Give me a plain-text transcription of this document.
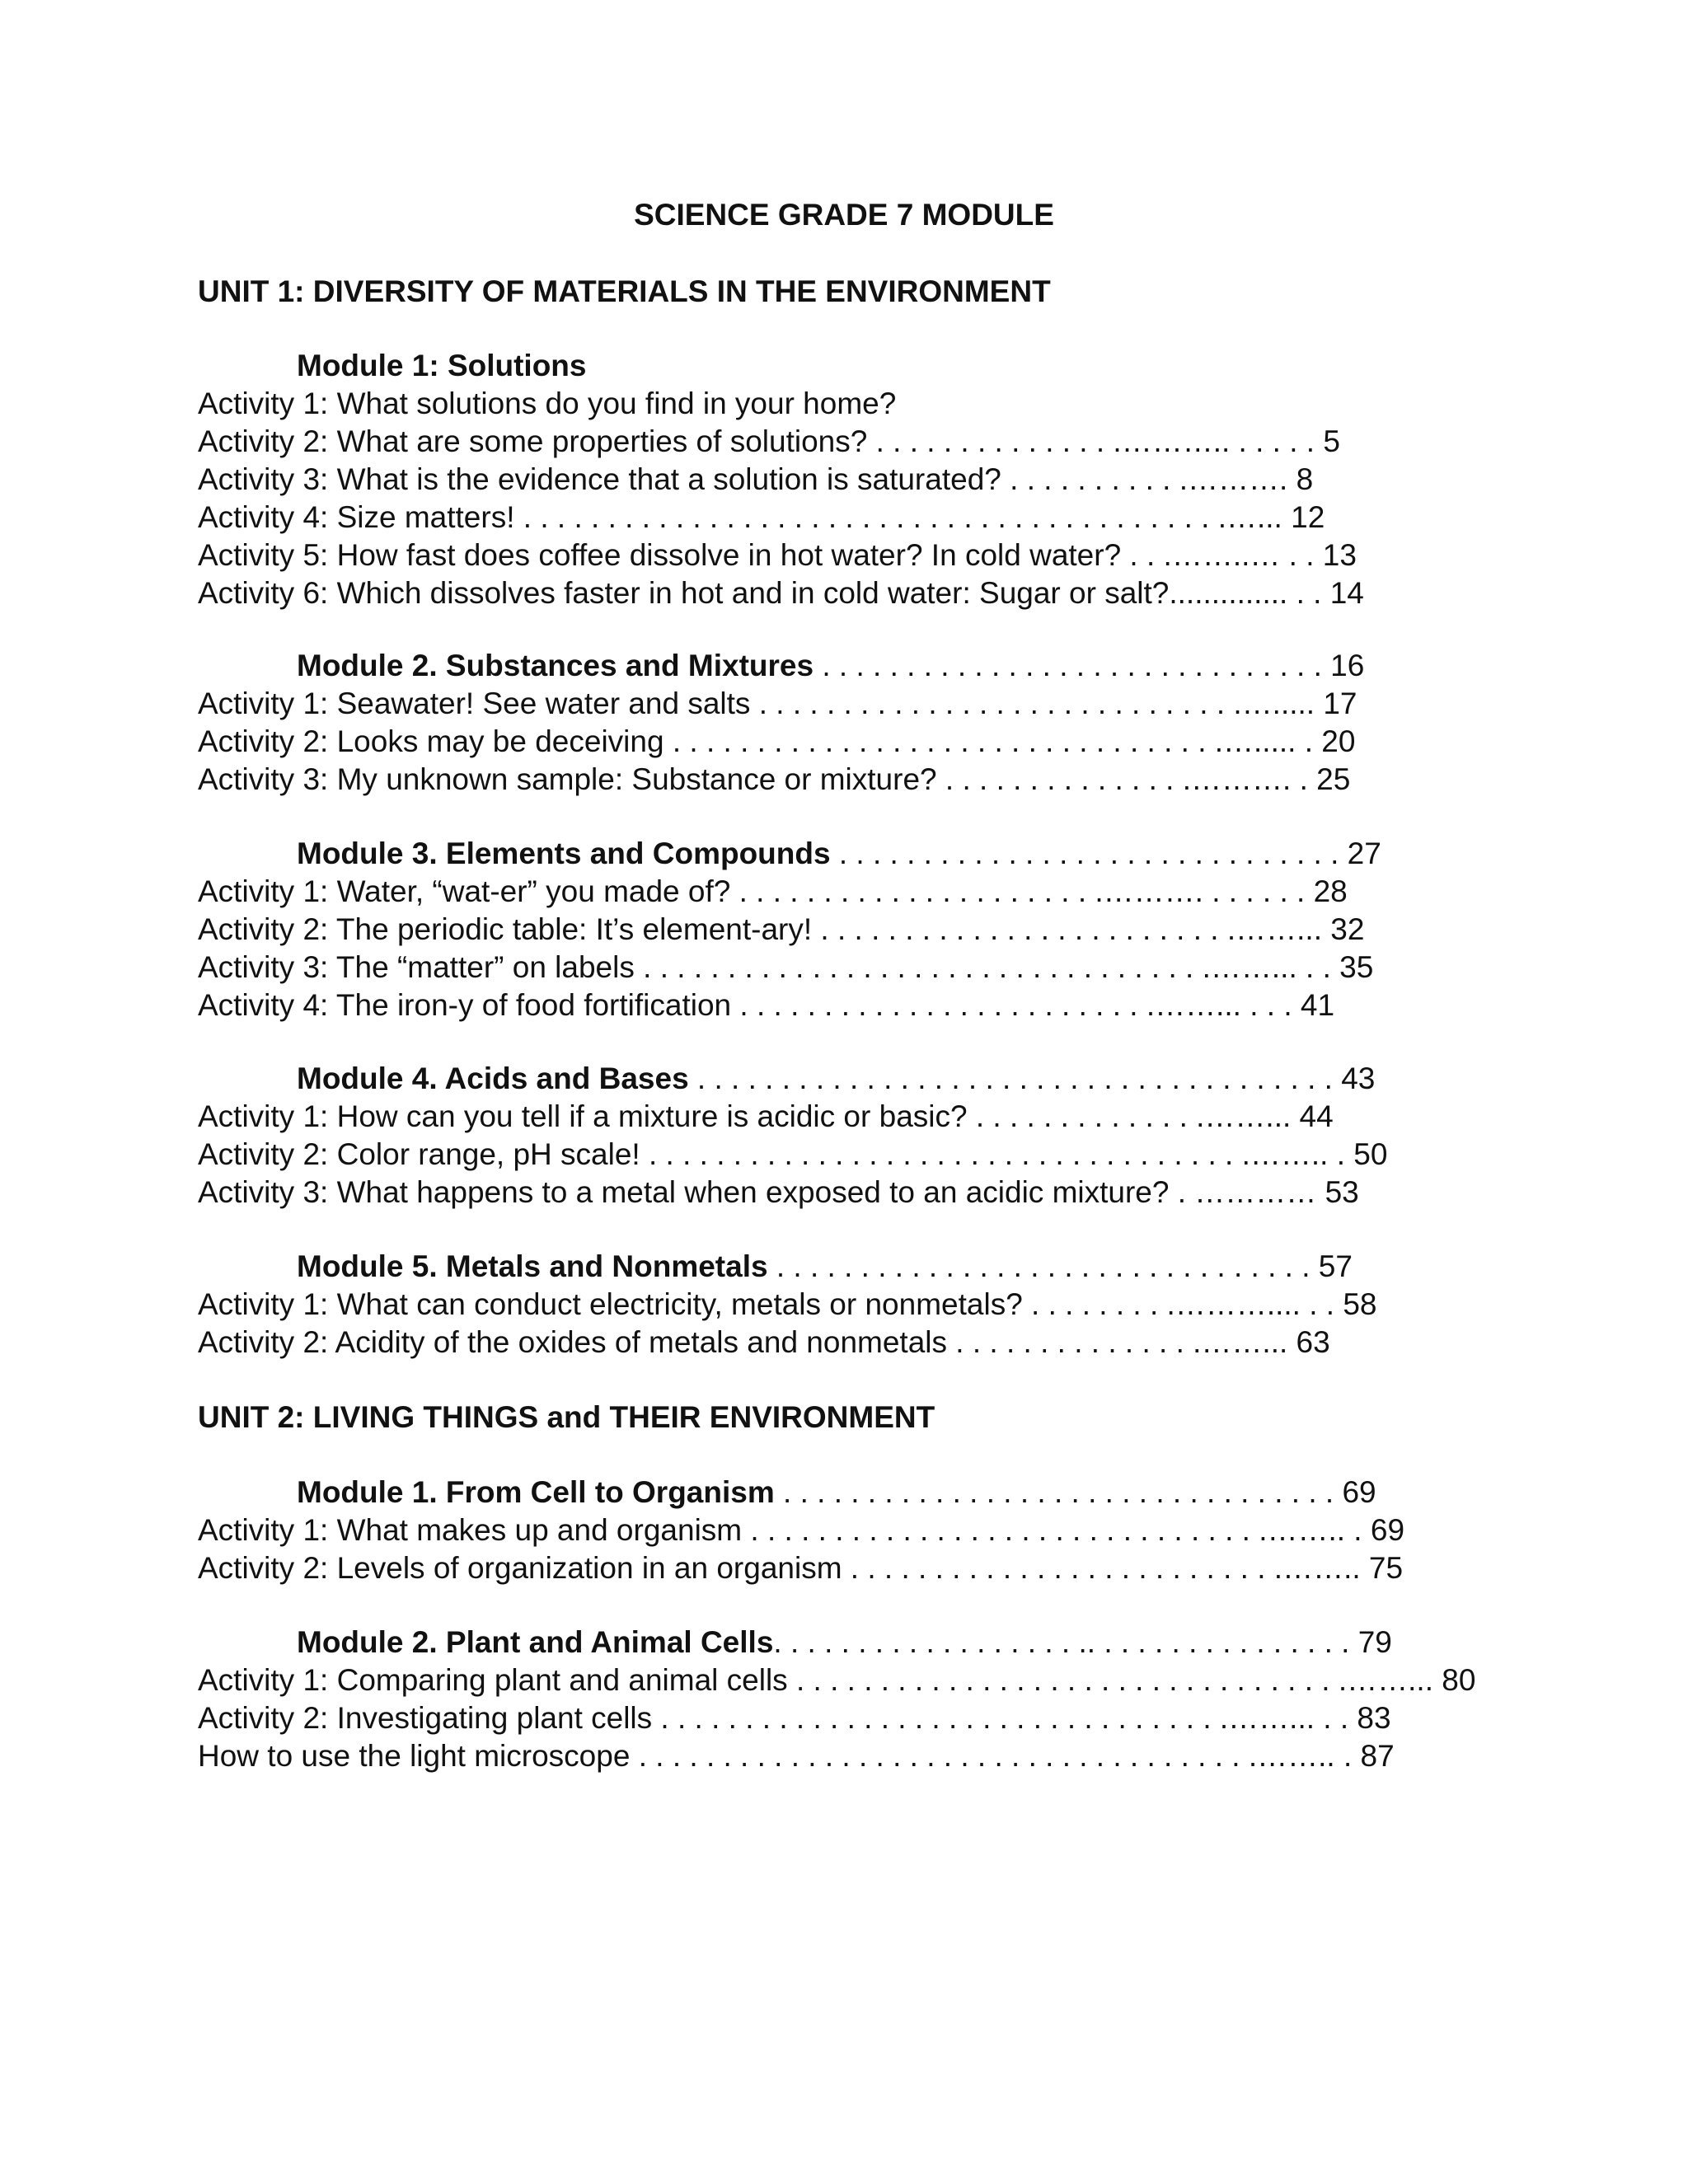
SCIENCE GRADE 7 MODULE
UNIT 1: DIVERSITY OF MATERIALS IN THE ENVIRONMENT
Module 1: Solutions
Activity 1: What solutions do you find in your home?
Activity 2: What are some properties of solutions? . . . . . . . . . . . . . . .……….. . . . . . 5
Activity 3: What is the evidence that a solution is saturated? . . . . . . . . . . .………. 8
Activity 4: Size matters! . . . . . . . . . . . . . . . . . . . . . . . . . . . . . . . . . . . . . . . . . .…... 12
Activity 5: How fast does coffee dissolve in hot water? In cold water? . . .……..… . . 13
Activity 6: Which dissolves faster in hot and in cold water: Sugar or salt?.............. . . 14
Module 2. Substances and Mixtures . . . . . . . . . . . . . . . . . . . . . . . . . . . . . . 16
Activity 1: Seawater! See water and salts . . . . . . . . . . . . . . . . . . . . . . . . . . . . .…..... 17
Activity 2: Looks may be deceiving . . . . . . . . . . . . . . . . . . . . . . . . . . . . . . . . .…..... . 20
Activity 3: My unknown sample: Substance or mixture? . . . . . . . . . . . . . . .………. . 25
Module 3. Elements and Compounds . . . . . . . . . . . . . . . . . . . . . . . . . . . . . . 27
Activity 1: Water, “wat-er” you made of? . . . . . . . . . . . . . . . . . . . . . .………. . . . . . . 28
Activity 2: The periodic table: It’s element-ary! . . . . . . . . . . . . . . . . . . . . . . . . .……... 32
Activity 3: The “matter” on labels . . . . . . . . . . . . . . . . . . . . . . . . . . . . . . . . . .……... . . 35
Activity 4: The iron-y of food fortification . . . . . . . . . . . . . . . . . . . . . . . . .……... . . . 41
Module 4. Acids and Bases . . . . . . . . . . . . . . . . . . . . . . . . . . . . . . . . . . . . . . 43
Activity 1: How can you tell if a mixture is acidic or basic? . . . . . . . . . . . . . .……... 44
Activity 2: Color range, pH scale! . . . . . . . . . . . . . . . . . . . . . . . . . . . . . . . . . . . .…….. . 50
Activity 3: What happens to a metal when exposed to an acidic mixture? . ………… 53
Module 5. Metals and Nonmetals . . . . . . . . . . . . . . . . . . . . . . . . . . . . . . . . 57
Activity 1: What can conduct electricity, metals or nonmetals? . . . . . . . . .……….... . . 58
Activity 2: Acidity of the oxides of metals and nonmetals . . . . . . . . . . . . . . .……... 63
UNIT 2: LIVING THINGS and THEIR ENVIRONMENT
Module 1. From Cell to Organism . . . . . . . . . . . . . . . . . . . . . . . . . . . . . . . . . 69
Activity 1: What makes up and organism . . . . . . . . . . . . . . . . . . . . . . . . . . . . . . .…….. . 69
Activity 2: Levels of organization in an organism . . . . . . . . . . . . . . . . . . . . . . . . . .…….. 75
Module 2. Plant and Animal Cells. . . . . . . . . . . . . . . . . . .. . . . . . . . . . . . . . . . 79
Activity 1: Comparing plant and animal cells . . . . . . . . . . . . . . . . . . . . . . . . . . . . . . . . .……... 80
Activity 2: Investigating plant cells . . . . . . . . . . . . . . . . . . . . . . . . . . . . . . . . . .……... . . 83
How to use the light microscope . . . . . . . . . . . . . . . . . . . . . . . . . . . . . . . . . . . . .…….. . 87
